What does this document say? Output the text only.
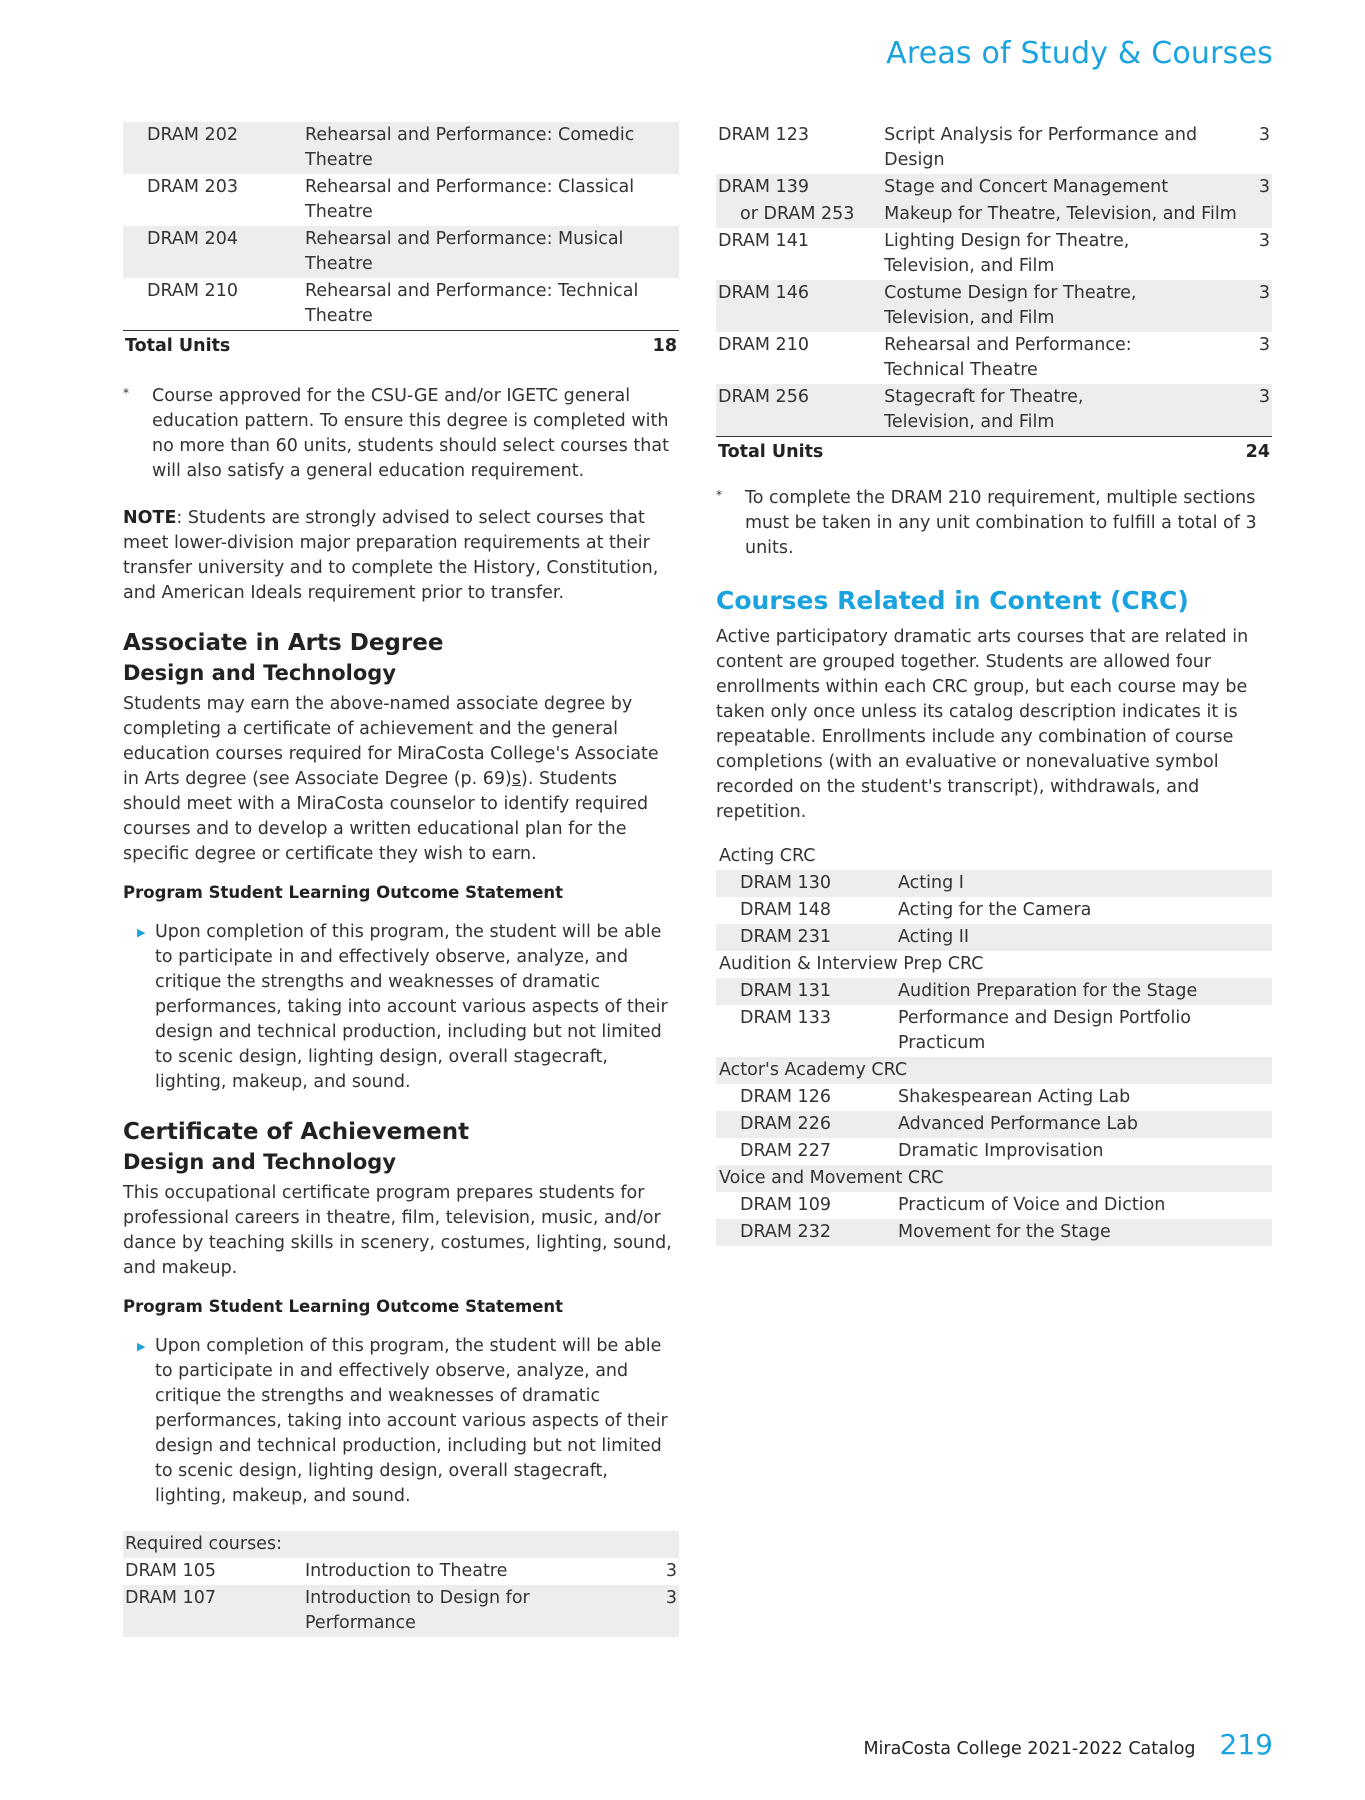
Areas of Study & Courses
DRAM 202	Rehearsal and Performance: Comedic Theatre	
DRAM 203	Rehearsal and Performance: Classical Theatre	
DRAM 204	Rehearsal and Performance: Musical Theatre	
DRAM 210	Rehearsal and Performance: Technical Theatre	
Total Units		18
*	Course approved for the CSU-GE and/or IGETC general education pattern. To ensure this degree is completed with no more than 60 units, students should select courses that will also satisfy a general education requirement.

NOTE: Students are strongly advised to select courses that meet lower-division major preparation requirements at their transfer university and to complete the History, Constitution, and American Ideals requirement prior to transfer.

Associate in Arts Degree
Design and Technology

Students may earn the above-named associate degree by completing a certificate of achievement and the general education courses required for MiraCosta College's Associate in Arts degree (see Associate Degree (p. 69)s). Students should meet with a MiraCosta counselor to identify required courses and to develop a written educational plan for the specific degree or certificate they wish to earn.

Program Student Learning Outcome Statement
▶ Upon completion of this program, the student will be able to participate in and effectively observe, analyze, and critique the strengths and weaknesses of dramatic performances, taking into account various aspects of their design and technical production, including but not limited to scenic design, lighting design, overall stagecraft, lighting, makeup, and sound.
Certificate of Achievement
Design and Technology

This occupational certificate program prepares students for professional careers in theatre, film, television, music, and/or dance by teaching skills in scenery, costumes, lighting, sound, and makeup.

Program Student Learning Outcome Statement
▶ Upon completion of this program, the student will be able to participate in and effectively observe, analyze, and critique the strengths and weaknesses of dramatic performances, taking into account various aspects of their design and technical production, including but not limited to scenic design, lighting design, overall stagecraft, lighting, makeup, and sound.
Required courses:		
DRAM 105	Introduction to Theatre	3
DRAM 107	Introduction to Design for Performance	3
DRAM 123	Script Analysis for Performance and Design	3
DRAM 139	Stage and Concert Management	3
or DRAM 253	Makeup for Theatre, Television, and Film	
DRAM 141	Lighting Design for Theatre, Television, and Film	3
DRAM 146	Costume Design for Theatre, Television, and Film	3
DRAM 210	Rehearsal and Performance: Technical Theatre	3
DRAM 256	Stagecraft for Theatre, Television, and Film	3
Total Units		24
*	To complete the DRAM 210 requirement, multiple sections must be taken in any unit combination to fulfill a total of 3 units.
Courses Related in Content (CRC)

Active participatory dramatic arts courses that are related in content are grouped together. Students are allowed four enrollments within each CRC group, but each course may be taken only once unless its catalog description indicates it is repeatable. Enrollments include any combination of course completions (with an evaluative or nonevaluative symbol recorded on the student's transcript), withdrawals, and repetition.

Acting CRC	
DRAM 130	Acting I
DRAM 148	Acting for the Camera
DRAM 231	Acting II
Audition & Interview Prep CRC	
DRAM 131	Audition Preparation for the Stage
DRAM 133	Performance and Design Portfolio Practicum
Actor's Academy CRC	
DRAM 126	Shakespearean Acting Lab
DRAM 226	Advanced Performance Lab
DRAM 227	Dramatic Improvisation
Voice and Movement CRC	
DRAM 109	Practicum of Voice and Diction
DRAM 232	Movement for the Stage
MiraCosta College 2021-2022 Catalog 219
